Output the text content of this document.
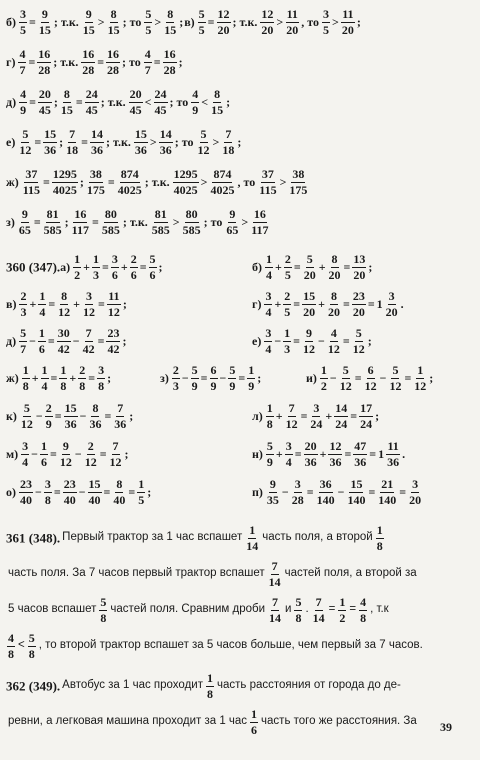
$б) \frac{3}{5} = \frac{9}{15}$ ; т.к. $\frac{9}{15} > \frac{8}{15}$ ; то $\frac{5}{5} > \frac{8}{15}$ ;в) $\frac{5}{5} = \frac{12}{20}$ ; т.к. $\frac{12}{20} > \frac{11}{20}$ , то $\frac{3}{5} > \frac{11}{20}$ ;
$г) \frac{4}{7} = \frac{16}{28}$ ; т.к. $\frac{16}{28} = \frac{16}{28}$ ; то $\frac{4}{7} = \frac{16}{28}$ ;
$д) \frac{4}{9} = \frac{20}{45}$ ; $\frac{8}{15} = \frac{24}{45}$ ; т.к. $\frac{20}{45} < \frac{24}{45}$ ; то $\frac{4}{9} < \frac{8}{15}$ ;
$е) \frac{5}{12} = \frac{15}{36}$ ; $\frac{7}{18} = \frac{14}{36}$ ; т.к. $\frac{15}{36} > \frac{14}{36}$ ; то $\frac{5}{12} > \frac{7}{18}$ ;
$ж) \frac{37}{115} = \frac{1295}{4025}$ ; $\frac{38}{175} = \frac{874}{4025}$ ; т.к. $\frac{1295}{4025} > \frac{874}{4025}$ , то $\frac{37}{115} > \frac{38}{175}$
$з) \frac{9}{65} = \frac{81}{585}$ ; $\frac{16}{117} = \frac{80}{585}$ ; т.к. $\frac{81}{585} > \frac{80}{585}$ ; то $\frac{9}{65} > \frac{16}{117}$
360 $(347).а) \frac{1}{2} + \frac{1}{3} = \frac{3}{6} + \frac{2}{6} = \frac{5}{6}$ ;	$б) \frac{1}{4} + \frac{2}{5} = \frac{5}{20} + \frac{8}{20} = \frac{13}{20}$ ;
$в) \frac{2}{3} + \frac{1}{4} = \frac{8}{12} + \frac{3}{12} = \frac{11}{12}$ ;	$г) \frac{3}{4} + \frac{2}{5} = \frac{15}{20} + \frac{8}{20} = \frac{23}{20} = 1 \frac{3}{20}$ .
$д) \frac{5}{7} - \frac{1}{6} = \frac{30}{42} - \frac{7}{42} = \frac{23}{42}$ ;	$е) \frac{3}{4} - \frac{1}{3} = \frac{9}{12} - \frac{4}{12} = \frac{5}{12}$ ;
$ж) \frac{1}{8} + \frac{1}{4} = \frac{1}{8} + \frac{2}{8} = \frac{3}{8}$ ;	$з) \frac{2}{3} - \frac{5}{9} = \frac{6}{9} - \frac{5}{9} = \frac{1}{9}$ ;	$и) \frac{1}{2} - \frac{5}{12} = \frac{6}{12} - \frac{5}{12} = \frac{1}{12}$ ;
$к) \frac{5}{12} - \frac{2}{9} = \frac{15}{36} - \frac{8}{36} = \frac{7}{36}$ ;	$л) \frac{1}{8} + \frac{7}{12} = \frac{3}{24} + \frac{14}{24} = \frac{17}{24}$ ;
$м) \frac{3}{4} - \frac{1}{6} = \frac{9}{12} - \frac{2}{12} = \frac{7}{12}$ ;	$н) \frac{5}{9} + \frac{3}{4} = \frac{20}{36} + \frac{12}{36} = \frac{47}{36} = 1 \frac{11}{36}$ .
$о) \frac{23}{40} - \frac{3}{8} = \frac{23}{40} - \frac{15}{40} = \frac{8}{40} = \frac{1}{5}$ ;	$п) \frac{9}{35} - \frac{3}{28} = \frac{36}{140} - \frac{15}{140} = \frac{21}{140} = \frac{3}{20}$
361 (348). Первый трактор за 1 час вспашет $\frac{1}{14}$ часть поля, а второй $\frac{1}{8}$
часть поля. За 7 часов первый трактор вспашет $\frac{7}{14}$ частей поля, а второй за
5 часов вспашет $\frac{5}{8}$ частей поля. Сравним дроби $\frac{7}{14}$ и $\frac{5}{8}$ . $\frac{7}{14} = \frac{1}{2} = \frac{4}{8}$ , т.к
$\frac{4}{8} < \frac{5}{8}$ , то второй трактор вспашет за 5 часов больше, чем первый за 7 часов.
362 (349). Автобус за 1 час проходит $\frac{1}{8}$ часть расстояния от города до де-
ревни, а легковая машина проходит за 1 час $\frac{1}{6}$ часть того же расстояния. За 39
